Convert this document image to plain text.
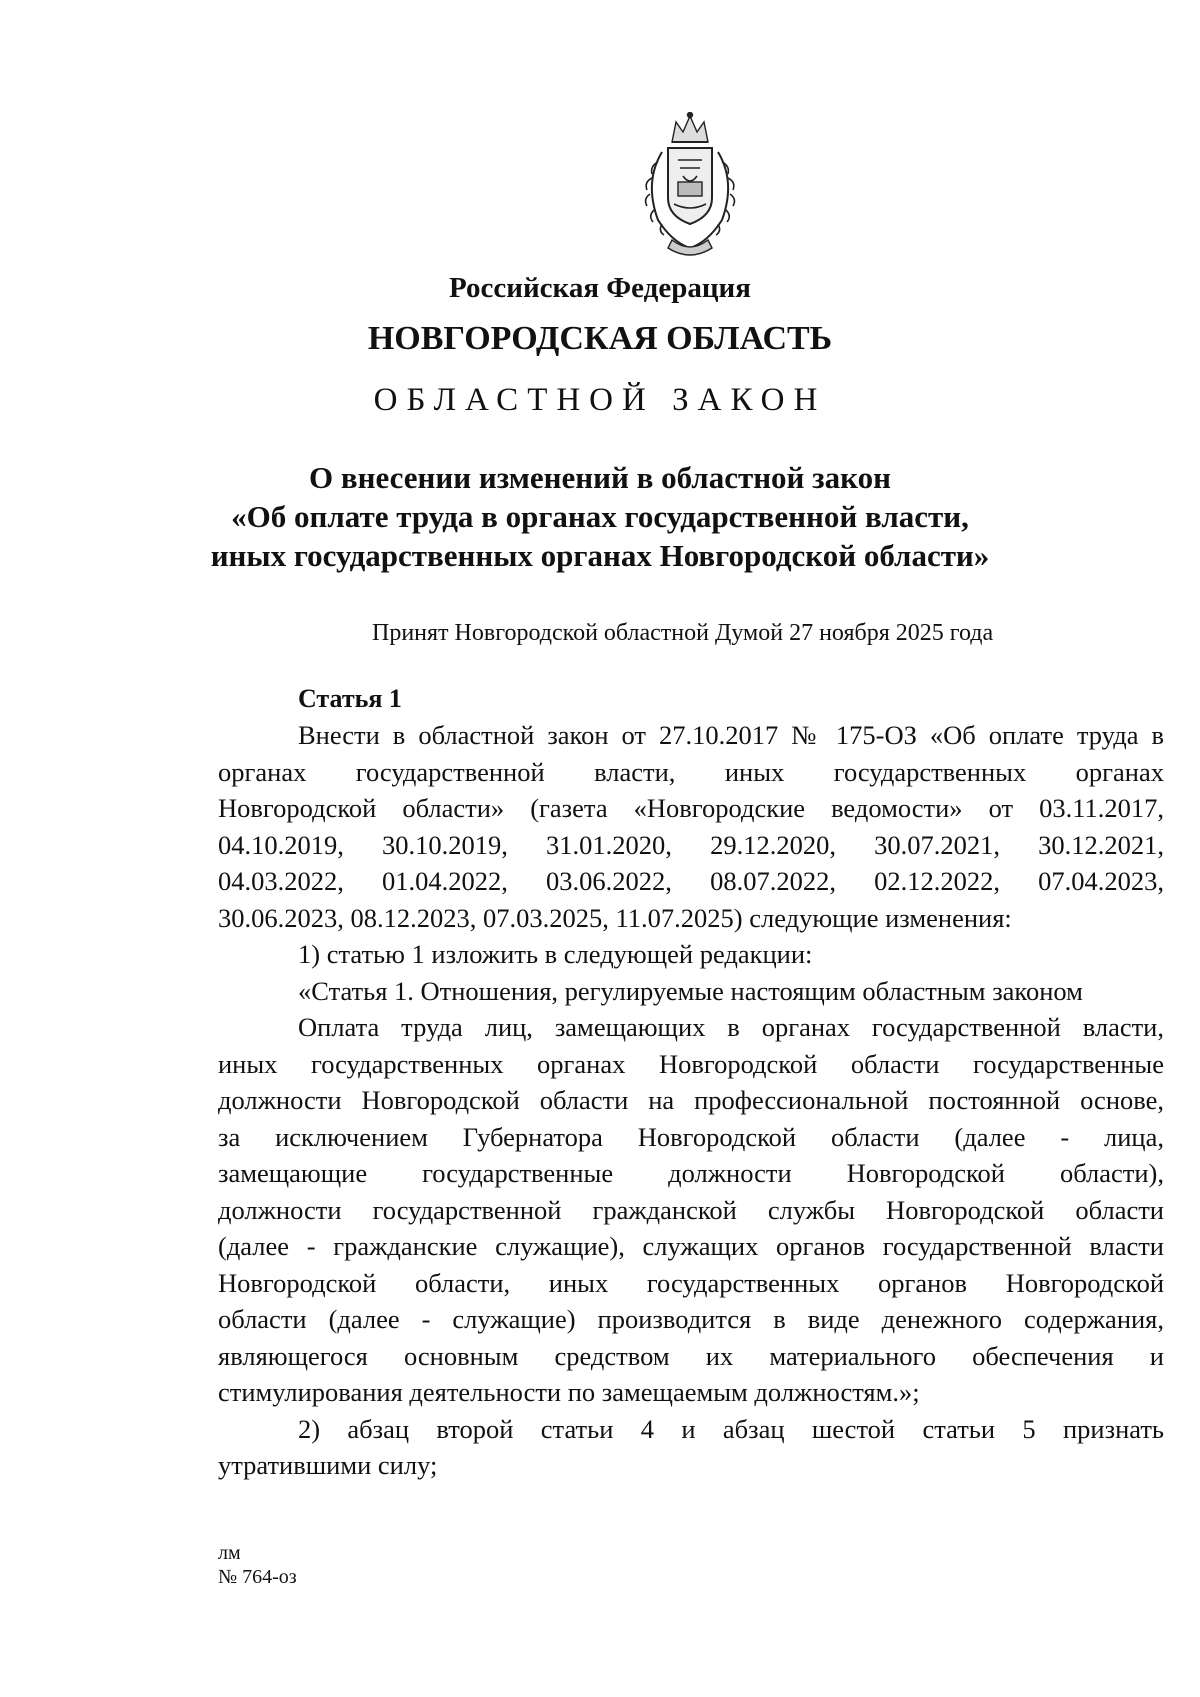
Российская Федерация
НОВГОРОДСКАЯ ОБЛАСТЬ
ОБЛАСТНОЙ ЗАКОН
О внесении изменений в областной закон
«Об оплате труда в органах государственной власти,
иных государственных органах Новгородской области»
Принят Новгородской областной Думой 27 ноября 2025 года
Статья 1

Внести в областной закон от 27.10.2017 № 175-ОЗ «Об оплате труда в

органах государственной власти, иных государственных органах

Новгородской области» (газета «Новгородские ведомости» от 03.11.2017,

04.10.2019, 30.10.2019, 31.01.2020, 29.12.2020, 30.07.2021, 30.12.2021,

04.03.2022, 01.04.2022, 03.06.2022, 08.07.2022, 02.12.2022, 07.04.2023,

30.06.2023, 08.12.2023, 07.03.2025, 11.07.2025) следующие изменения:

1) статью 1 изложить в следующей редакции:

«Статья 1. Отношения, регулируемые настоящим областным законом

Оплата труда лиц, замещающих в органах государственной власти,

иных государственных органах Новгородской области государственные

должности Новгородской области на профессиональной постоянной основе,

за исключением Губернатора Новгородской области (далее - лица,

замещающие государственные должности Новгородской области),

должности государственной гражданской службы Новгородской области

(далее - гражданские служащие), служащих органов государственной власти

Новгородской области, иных государственных органов Новгородской

области (далее - служащие) производится в виде денежного содержания,

являющегося основным средством их материального обеспечения и

стимулирования деятельности по замещаемым должностям.»;

2) абзац второй статьи 4 и абзац шестой статьи 5 признать

утратившими силу;

лм
№ 764-оз
